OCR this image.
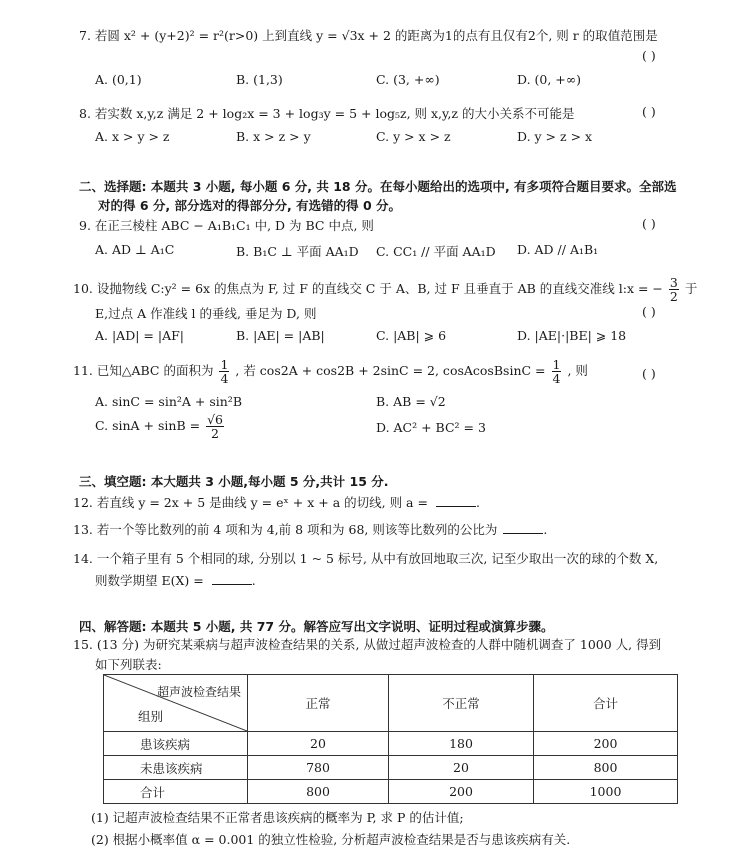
7. 若圆 x² + (y+2)² = r²(r>0) 上到直线 y = √3x + 2 的距离为1的点有且仅有2个, 则 r 的取值范围是
( )
A. (0,1)	B. (1,3)	C. (3, +∞)	D. (0, +∞)
8. 若实数 x,y,z 满足 2 + log₂x = 3 + log₃y = 5 + log₅z, 则 x,y,z 的大小关系不可能是	( )
A. x > y > z	B. x > z > y	C. y > x > z	D. y > z > x
二、选择题: 本题共 3 小题, 每小题 6 分, 共 18 分。在每小题给出的选项中, 有多项符合题目要求。全部选
对的得 6 分, 部分选对的得部分分, 有选错的得 0 分。
9. 在正三棱柱 ABC − A₁B₁C₁ 中, D 为 BC 中点, 则	( )
A. AD ⊥ A₁C	B. B₁C ⊥ 平面 AA₁D C. CC₁ // 平面 AA₁D D. AD // A₁B₁
10. 设抛物线 C:y² = 6x 的焦点为 F, 过 F 的直线交 C 于 A、B, 过 F 且垂直于 AB 的直线交准线 l:x = − $\frac{3}{2}$ 于
E,过点 A 作准线 l 的垂线, 垂足为 D, 则	( )
A. |AD| = |AF|	B. |AE| = |AB|	C. |AB| ⩾ 6	D. |AE|·|BE| ⩾ 18
11. 已知△ABC 的面积为 $\frac{1}{4}$ , 若 cos2A + cos2B + 2sinC = 2, cosAcosBsinC = $\frac{1}{4}$ , 则	( )
A. sinC = sin²A + sin²B	B. AB = √2
C. $\sin A + \sin B = \frac{√6}{2}$	D. AC² + BC² = 3
三、填空题: 本大题共 3 小题,每小题 5 分,共计 15 分.
12. 若直线 y = 2x + 5 是曲线 y = eˣ + x + a 的切线, 则 a =	.
13. 若一个等比数列的前 4 项和为 4,前 8 项和为 68, 则该等比数列的公比为	.
14. 一个箱子里有 5 个相同的球, 分别以 1 ~ 5 标号, 从中有放回地取三次, 记至少取出一次的球的个数 X,
则数学期望 E(X) =	.
四、解答题: 本题共 5 小题, 共 77 分。解答应写出文字说明、证明过程或演算步骤。
15. (13 分) 为研究某乘病与超声波检查结果的关系, 从做过超声波检查的人群中随机调查了 1000 人, 得到
如下列联表:
超声波检查结果
组别	正常	不正常	合计
患该疾病	20	180	200
未患该疾病	780	20	800
合计	800	200	1000
(1) 记超声波检查结果不正常者患该疾病的概率为 P, 求 P 的估计值;
(2) 根据小概率值 α = 0.001 的独立性检验, 分析超声波检查结果是否与患该疾病有关.
